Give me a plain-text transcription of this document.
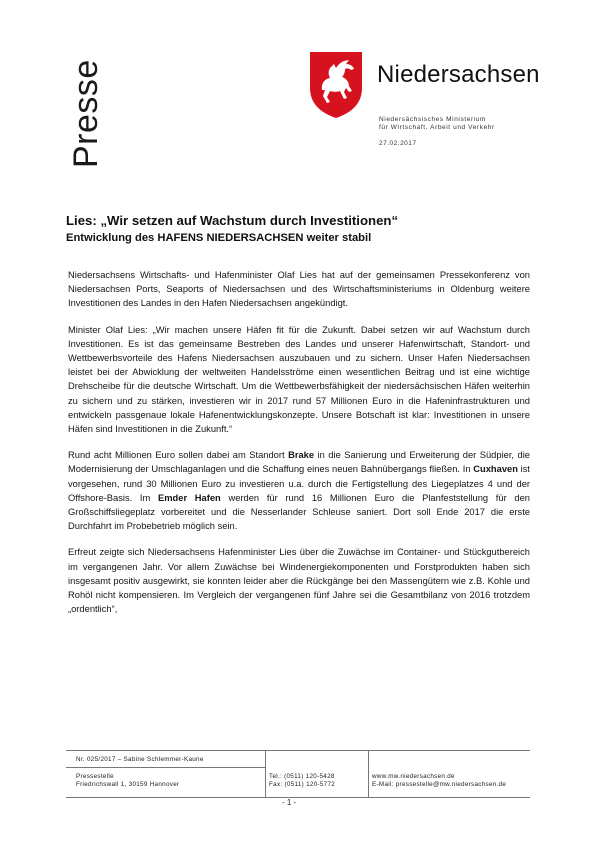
Presse	Niedersachsen
Niedersächsisches Ministerium
für Wirtschaft, Arbeit und Verkehr
27.02.2017
Lies: „Wir setzen auf Wachstum durch Investitionen“
Entwicklung des HAFENS NIEDERSACHSEN weiter stabil

Niedersachsens Wirtschafts- und Hafenminister Olaf Lies hat auf der gemeinsamen Pressekonferenz von Niedersachsen Ports, Seaports of Niedersachsen und des Wirtschaftsministeriums in Oldenburg weitere Investitionen des Landes in den Hafen Niedersachsen angekündigt.

Minister Olaf Lies: „Wir machen unsere Häfen fit für die Zukunft. Dabei setzen wir auf Wachstum durch Investitionen. Es ist das gemeinsame Bestreben des Landes und unserer Hafenwirtschaft, Standort- und Wettbewerbsvorteile des Hafens Niedersachsen auszubauen und zu sichern. Unser Hafen Niedersachsen leistet bei der Abwicklung der weltweiten Handelsströme einen wesentlichen Beitrag und ist eine wichtige Drehscheibe für die deutsche Wirtschaft. Um die Wettbewerbsfähigkeit der niedersächsischen Häfen weiterhin zu sichern und zu stärken, investieren wir in 2017 rund 57 Millionen Euro in die Hafeninfrastrukturen und entwickeln passgenaue lokale Hafenentwicklungskonzepte. Unsere Botschaft ist klar: Investitionen in unsere Häfen sind Investitionen in die Zukunft.“

Rund acht Millionen Euro sollen dabei am Standort Brake in die Sanierung und Erweiterung der Südpier, die Modernisierung der Umschlaganlagen und die Schaffung eines neuen Bahnübergangs fließen. In Cuxhaven ist vorgesehen, rund 30 Millionen Euro zu investieren u.a. durch die Fertigstellung des Liegeplatzes 4 und der Offshore-Basis. Im Emder Hafen werden für rund 16 Millionen Euro die Planfeststellung für den Großschiffsliegeplatz vorbereitet und die Nesserlander Schleuse saniert. Dort soll Ende 2017 die erste Durchfahrt im Probebetrieb möglich sein.

Erfreut zeigte sich Niedersachsens Hafenminister Lies über die Zuwächse im Container- und Stückgutbereich im vergangenen Jahr. Vor allem Zuwächse bei Windenergiekomponenten und Forstprodukten haben sich insgesamt positiv ausgewirkt, sie konnten leider aber die Rückgänge bei den Massengütern wie z.B. Kohle und Rohöl nicht kompensieren. Im Vergleich der vergangenen fünf Jahre sei die Gesamtbilanz von 2016 trotzdem „ordentlich“,

Nr. 025/2017 – Sabine Schlemmer-Kaune
Pressestelle
Friedrichswall 1, 30159 Hannover
Tel.: (0511) 120-5428
Fax: (0511) 120-5772
www.mw.niedersachsen.de
E-Mail: pressestelle@mw.niedersachsen.de
- 1 -
